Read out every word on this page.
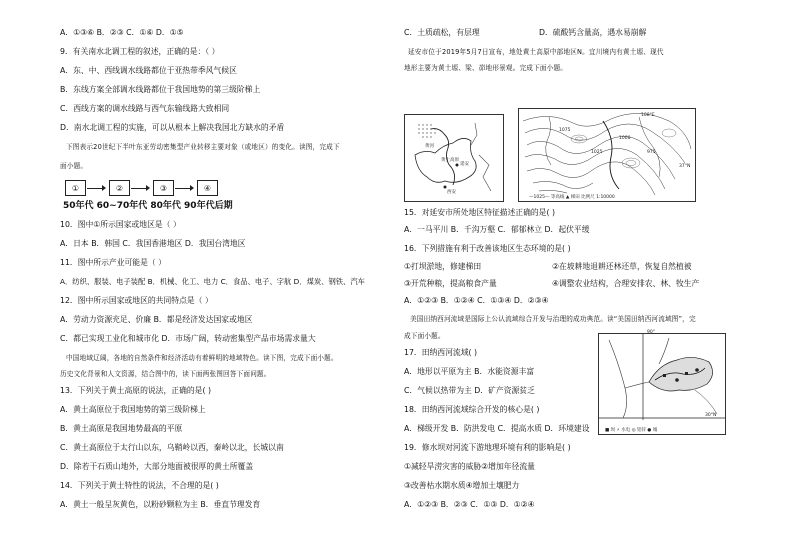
A．①③⑥ B．②③ C．①⑥ D．①⑤
9．有关南水北调工程的叙述，正确的是：（ ）
A．东、中、西线调水线路都位于亚热带季风气候区
B．东线方案全部调水线路都位于我国地势的第三级阶梯上
C．西线方案的调水线路与西气东输线路大致相同
D．南水北调工程的实施，可以从根本上解决我国北方缺水的矛盾
下图表示20世纪下半叶东亚劳动密集型产业转移主要对象（或地区）的变化。读图，完成下
面小题。
①	②	③	④
50年代 60~70年代 80年代 90年代后期
10．图中①所示国家或地区是（ ）
A．日本 B．韩国 C．我国香港地区 D．我国台湾地区
11．图中所示产业可能是（ ）
A．纺织、服装、电子装配 B．机械、化工、电力 C．食品、电子、字航 D．煤炭、钢铁、汽车
12．图中所示国家或地区的共同特点是（ ）
A．劳动力资源充足、价廉 B．都是经济发达国家或地区
C．都已实现工业化和城市化 D．市场广阔，转动密集型产品市场需求量大
中国地域辽阔，各地的自然条件和经济活动有着鲜明的地域特色。读下图，完成下面小题。
历史文化背景和人文资源，结合图中的，读下面两张图回答下面问题。
13．下列关于黄土高原的说法，正确的是( )
A．黄土高原位于我国地势的第三级阶梯上
B．黄土高原是我国地势最高的平原
C．黄土高原位于太行山以东，乌鞘岭以西，秦岭以北，长城以南
D．除若干石质山地外，大部分地面被很厚的黄土所覆盖
14．下列关于黄土特性的说法，不合理的是( )
A．黄土一般呈灰黄色，以粉砂颗粒为主 B．垂直节理发育
C．土质疏松，有层理	D．硫酸钙含量高，遇水易崩解
延安市位于2019年5月7日宣布，地处黄土高原中部地区N。宜川境内有黄土塬、现代
地形主要为黄土塬、梁、峁地形景观。完成下面小题。
黄土高原
延安
西安
黄河
108°E
37°N
1075
1025
1000
975
—1025— 等高线 ▲ 梯田 比例尺 1:10000
15．对延安市所处地区特征描述正确的是( )
A．一马平川 B．千沟万壑 C．郁郁林立 D．起伏平缓
16．下列措施有利于改善该地区生态环境的是( )
①打坝淤地，修建梯田	②在坡耕地退耕还林还草，恢复自然植被
③开荒种粮，提高粮食产量	④调整农业结构，合理安排农、林、牧生产
A．①②③ B．①②④ C．①③④ D．②③④
美国田纳西河流域是国际上公认流域综合开发与治理的成功典范。读“美国田纳西河流域图”，完
成下面小题。	90°
30°N
■ 坝 ⚡ 水电 ◎ 铝锌 ● 城
17．田纳西河流域( )
A．地形以平原为主 B．水能资源丰富
C．气候以热带为主 D．矿产资源贫乏
18．田纳西河流域综合开发的核心是( )
A．梯级开发 B．防洪发电 C．提高水质 D．环境建设
19．修水坝对河流下游地理环境有利的影响是( )
①减轻旱涝灾害的威胁②增加年径流量
③改善枯水期水质④增加土壤肥力
A．①②③ B．②③ C．①③ D．①②④
